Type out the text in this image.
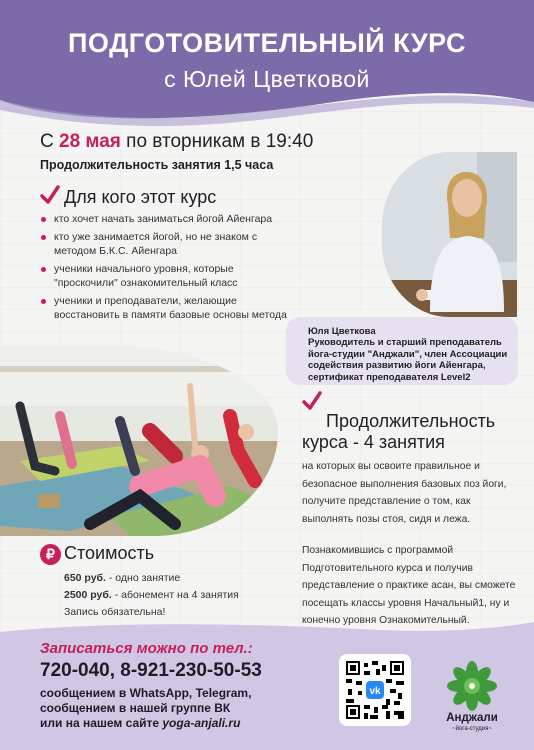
ПОДГОТОВИТЕЛЬНЫЙ КУРС
с Юлей Цветковой
С 28 мая по вторникам в 19:40
Продолжительность занятия 1,5 часа
Для кого этот курс
кто хочет начать заниматься йогой Айенгара
кто уже занимается йогой, но не знаком с методом Б.К.С. Айенгара
ученики начального уровня, которые "проскочили" ознакомительный класс
ученики и преподаватели, желающие восстановить в памяти базовые основы метода
Юля Цветкова
Руководитель и старший преподаватель йога-студии "Анджали", член Ассоциации содействия развитию йоги Айенгара, сертификат преподавателя Level2
Продолжительность
курса - 4 занятия
на которых вы освоите правильное и безопасное выполнения базовых поз йоги, получите представление о том, как выполнять позы стоя, сидя и лежа.
Познакомившись с программой Подготовительного курса и получив представление о практике асан, вы сможете посещать классы уровня Начальный1, ну и конечно уровня Ознакомительный.
₽ Стоимость
650 руб. - одно занятие
2500 руб. - абонемент на 4 занятия
Запись обязательна!
Записаться можно по тел.:
720-040, 8-921-230-50-53
сообщением в WhatsApp, Telegram,
сообщением в нашей группе ВК
или на нашем сайте yoga-anjali.ru
vk
Анджали
~йога-студия~
